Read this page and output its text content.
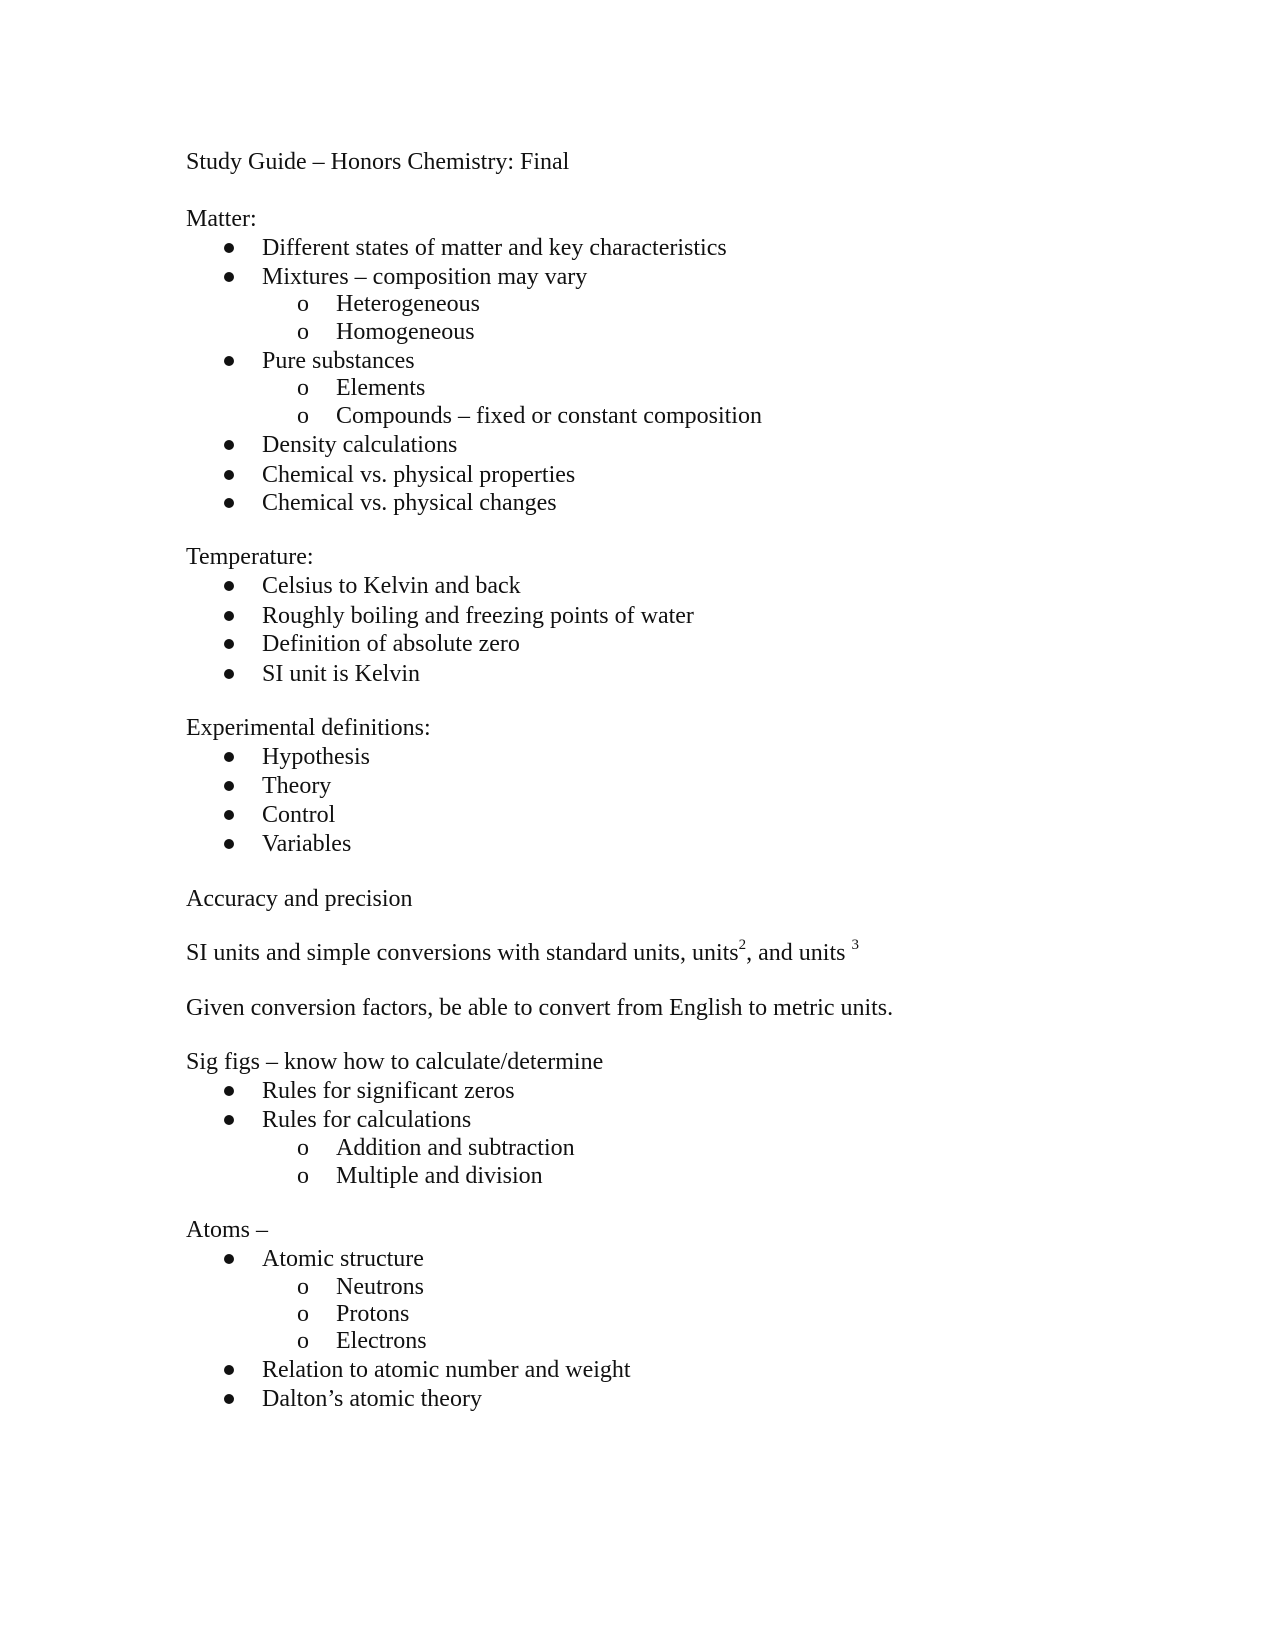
Study Guide – Honors Chemistry: Final
Matter:
Different states of matter and key characteristics
Mixtures – composition may vary
o Heterogeneous
o Homogeneous
Pure substances
o Elements
o Compounds – fixed or constant composition
Density calculations
Chemical vs. physical properties
Chemical vs. physical changes
Temperature:
Celsius to Kelvin and back
Roughly boiling and freezing points of water
Definition of absolute zero
SI unit is Kelvin
Experimental definitions:
Hypothesis
Theory
Control
Variables
Accuracy and precision
SI units and simple conversions with standard units, units$^2$, and units $^3$
Given conversion factors, be able to convert from English to metric units.
Sig figs – know how to calculate/determine
Rules for significant zeros
Rules for calculations
o Addition and subtraction
o Multiple and division
Atoms –
Atomic structure
o Neutrons
o Protons
o Electrons
Relation to atomic number and weight
Dalton’s atomic theory
